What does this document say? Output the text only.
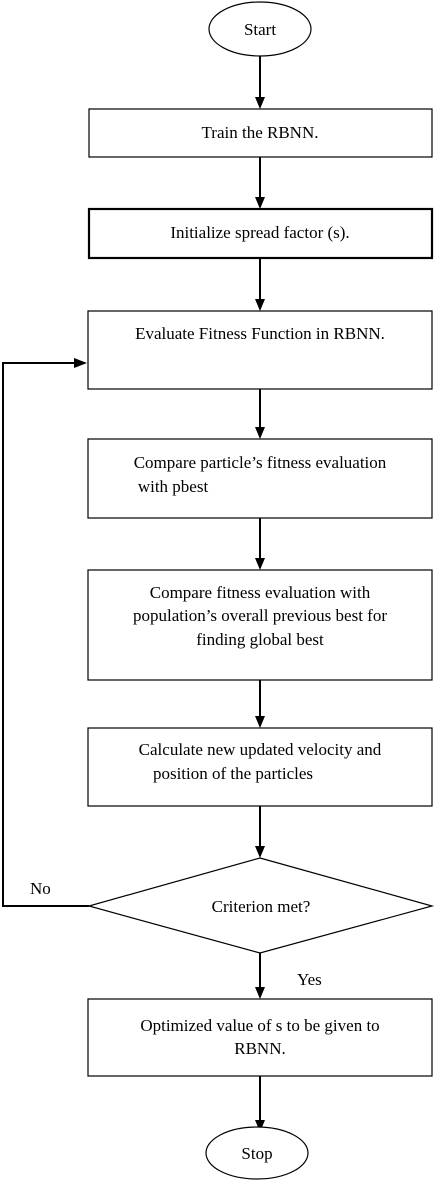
Start
Train the RBNN.
Initialize spread factor (s).
Evaluate Fitness Function in RBNN.
Compare particle’s fitness evaluation
with pbest
Compare fitness evaluation with
population’s overall previous best for
finding global best
Calculate new updated velocity and
position of the particles
Criterion met?
Optimized value of s to be given to
RBNN.
Stop
No
Yes
